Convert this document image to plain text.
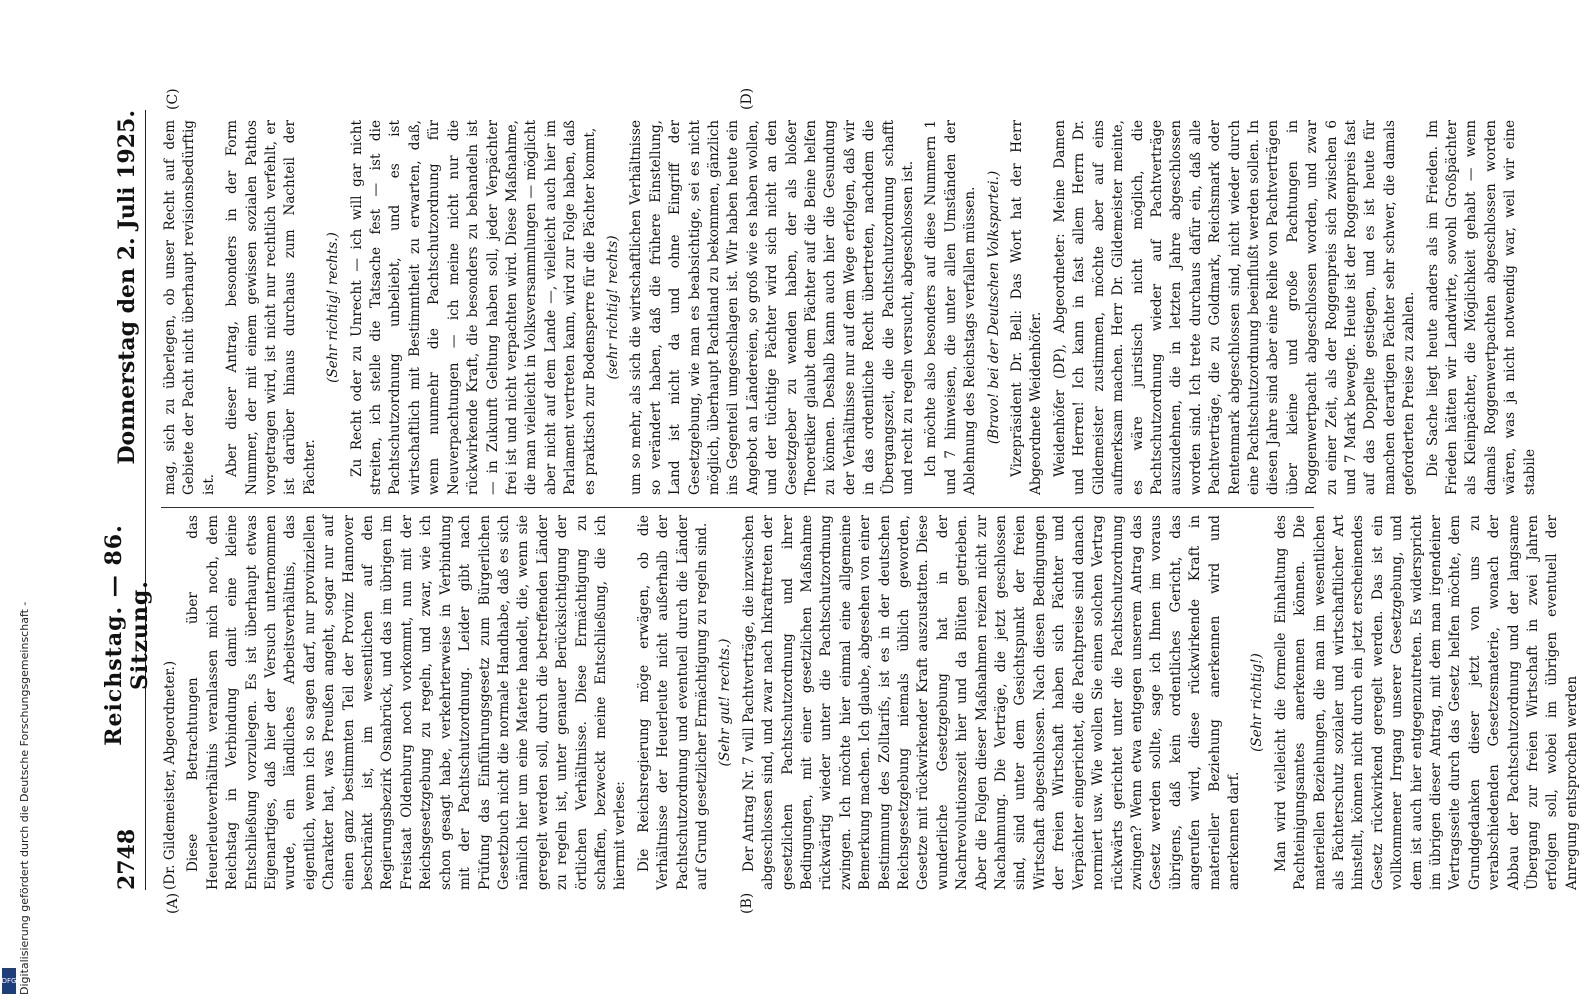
2748
Reichstag. — 86. Sitzung.
Donnerstag den 2. Juli 1925.
(A)	(B)
(C)	(D)

(Dr. Gildemeister, Abgeordneter.) Diese Betrachtungen über das Heuerleuteverhältnis veranlassen mich noch, dem Reichstag in Verbindung damit eine kleine Entschließung vorzulegen. Es ist überhaupt etwas Eigenartiges, daß hier der Versuch unternommen wurde, ein ländliches Arbeitsverhältnis, das eigentlich, wenn ich so sagen darf, nur provinziellen Charakter hat, was Preußen angeht, sogar nur auf einen ganz bestimmten Teil der Provinz Hannover beschränkt ist, im wesentlichen auf den Regierungsbezirk Osnabrück, und das im übrigen im Freistaat Oldenburg noch vorkommt, nun mit der Reichsgesetzgebung zu regeln, und zwar, wie ich schon gesagt habe, verkehrterweise in Verbindung mit der Pachtschutzordnung. Leider gibt nach Prüfung das Einführungsgesetz zum Bürgerlichen Gesetzbuch nicht die normale Handhabe, daß es sich nämlich hier um eine Materie handelt, die, wenn sie geregelt werden soll, durch die betreffenden Länder zu regeln ist, unter genauer Berücksichtigung der örtlichen Verhältnisse. Diese Ermächtigung zu schaffen, bezweckt meine Entschließung, die ich hiermit verlese: Die Reichsregierung möge erwägen, ob die Verhältnisse der Heuerleute nicht außerhalb der Pachtschutzordnung und eventuell durch die Länder auf Grund gesetzlicher Ermächtigung zu regeln sind. (Sehr gut! rechts.) Der Antrag Nr. 7 will Pachtverträge, die inzwischen abgeschlossen sind, und zwar nach Inkrafttreten der gesetzlichen Pachtschutzordnung und ihrer Bedingungen, mit einer gesetzlichen Maßnahme rückwärtig wieder unter die Pachtschutzordnung zwingen. Ich möchte hier einmal eine allgemeine Bemerkung machen. Ich glaube, abgesehen von einer Bestimmung des Zolltarifs, ist es in der deutschen Reichsgesetzgebung niemals üblich geworden, Gesetze mit rückwirkender Kraft auszustatten. Diese wunderliche Gesetzgebung hat in der Nachrevolutionszeit hier und da Blüten getrieben. Aber die Folgen dieser Maßnahmen reizen nicht zur Nachahmung. Die Verträge, die jetzt geschlossen sind, sind unter dem Gesichtspunkt der freien Wirtschaft abgeschlossen. Nach diesen Bedingungen der freien Wirtschaft haben sich Pächter und Verpächter eingerichtet, die Pachtpreise sind danach normiert usw. Wie wollen Sie einen solchen Vertrag rückwärts gerichtet unter die Pachtschutzordnung zwingen? Wenn etwa entgegen unserem Antrag das Gesetz werden sollte, sage ich Ihnen im voraus übrigens, daß kein ordentliches Gericht, das angerufen wird, diese rückwirkende Kraft in materieller Beziehung anerkennen wird und anerkennen darf.

(Sehr richtig!) Man wird vielleicht die formelle Einhaltung des Pachteinigungsamtes anerkennen können. Die materiellen Beziehungen, die man im wesentlichen als Pächterschutz sozialer und wirtschaftlicher Art hinstellt, können nicht durch ein jetzt erscheinendes Gesetz rückwirkend geregelt werden. Das ist ein vollkommener Irrgang unserer Gesetzgebung, und dem ist auch hier entgegenzutreten. Es widerspricht im übrigen dieser Antrag, mit dem man irgendeiner Vertragsseite durch das Gesetz helfen möchte, dem Grundgedanken dieser jetzt von uns zu verabschiedenden Gesetzesmaterie, wonach der Abbau der Pachtschutzordnung und der langsame Übergang zur freien Wirtschaft in zwei Jahren erfolgen soll, wobei im übrigen eventuell der Anregung entsprochen werden

mag, sich zu überlegen, ob unser Recht auf dem Gebiete der Pacht nicht überhaupt revisionsbedürftig ist.

Aber dieser Antrag, besonders in der Form Nummer, der mit einem gewissen sozialen Pathos vorgetragen wird, ist nicht nur rechtlich verfehlt, er ist darüber hinaus durchaus zum Nachteil der Pächter.

(Sehr richtig! rechts.) Zu Recht oder zu Unrecht — ich will gar nicht streiten, ich stelle die Tatsache fest — ist die Pachtschutzordnung unbeliebt, und es ist wirtschaftlich mit Bestimmtheit zu erwarten, daß, wenn nunmehr die Pachtschutzordnung für Neuverpachtungen — ich meine nicht nur die rückwirkende Kraft, die besonders zu behandeln ist — in Zukunft Geltung haben soll, jeder Verpächter frei ist und nicht verpachten wird. Diese Maßnahme, die man vielleicht in Volksversammlungen — möglicht aber nicht auf dem Lande —, vielleicht auch hier im Parlament vertreten kann, wird zur Folge haben, daß es praktisch zur Bodensperre für die Pächter kommt, (sehr richtig! rechts) um so mehr, als sich die wirtschaftlichen Verhältnisse so verändert haben, daß die frühere Einstellung, Land ist nicht da und ohne Eingriff der Gesetzgebung, wie man es beabsichtige, sei es nicht möglich, überhaupt Pachtland zu bekommen, gänzlich ins Gegenteil umgeschlagen ist. Wir haben heute ein Angebot an Ländereien, so groß wie es haben wollen, und der tüchtige Pächter wird sich nicht an den Gesetzgeber zu wenden haben, der als bloßer Theoretiker glaubt dem Pächter auf die Beine helfen zu können. Deshalb kann auch hier die Gesundung der Verhältnisse nur auf dem Wege erfolgen, daß wir in das ordentliche Recht übertreten, nachdem die Übergangszeit, die die Pachtschutzordnung schafft und recht zu regeln versucht, abgeschlossen ist. Ich möchte also besonders auf diese Nummern 1 und 7 hinweisen, die unter allen Umständen der Ablehnung des Reichstags verfallen müssen. (Bravo! bei der Deutschen Volkspartei.) Vizepräsident Dr. Bell: Das Wort hat der Herr Abgeordnete Weidenhöfer. Weidenhöfer (DP), Abgeordneter: Meine Damen und Herren! Ich kann in fast allem Herrn Dr. Gildemeister zustimmen, möchte aber auf eins aufmerksam machen. Herr Dr. Gildemeister meinte, es wäre juristisch nicht möglich, die Pachtschutzordnung wieder auf Pachtverträge auszudehnen, die in letzten Jahre abgeschlossen worden sind. Ich trete durchaus dafür ein, daß alle Pachtverträge, die zu Goldmark, Reichsmark oder Rentenmark abgeschlossen sind, nicht wieder durch eine Pachtschutzordnung beeinflußt werden sollen. In diesen Jahre sind aber eine Reihe von Pachtverträgen über kleine und große Pachtungen in Roggenwertpacht abgeschlossen worden, und zwar zu einer Zeit, als der Roggenpreis sich zwischen 6 und 7 Mark bewegte. Heute ist der Roggenpreis fast auf das Doppelte gestiegen, und es ist heute für manchen derartigen Pächter sehr schwer, die damals geforderten Preise zu zahlen. Die Sache liegt heute anders als im Frieden. Im Frieden hätten wir Landwirte, sowohl Großpächter als Kleinpächter, die Möglichkeit gehabt — wenn damals Roggenwertpachten abgeschlossen worden wären, was ja nicht notwendig war, weil wir eine stabile

Digitalisierung gefördert durch die Deutsche Forschungsgemeinschaft -
DFG
